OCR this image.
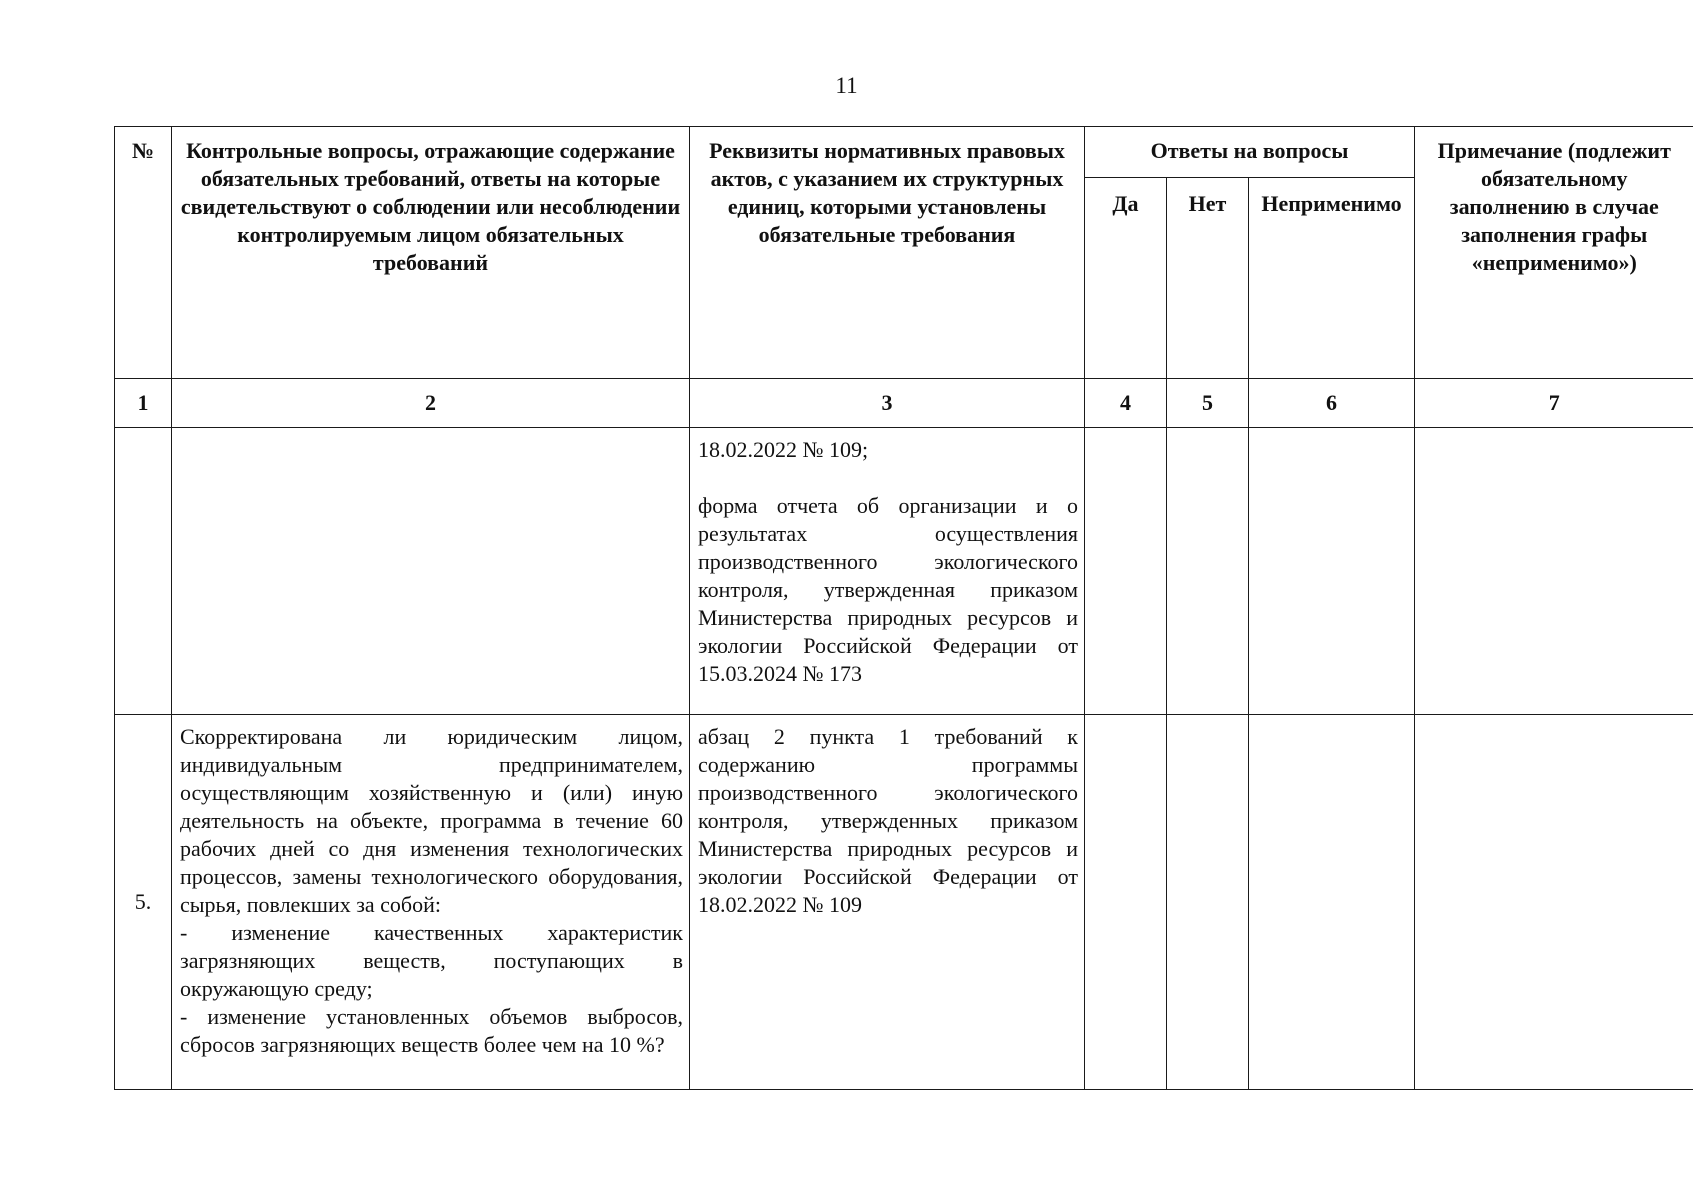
11
№	Контрольные вопросы, отражающие содержание обязательных требований, ответы на которые свидетельствуют о соблюдении или несоблюдении контролируемым лицом обязательных требований	Реквизиты нормативных правовых актов, с указанием их структурных единиц, которыми установлены обязательные требования	Ответы на вопросы			Примечание (подлежит обязательному заполнению в случае заполнения графы «неприменимо»)
			Да	Нет	Неприменимо	
1	2	3	4	5	6	7

		18.02.2022 № 109;
форма отчета об организации и о результатах осуществления производственного экологического контроля, утвержденная приказом Министерства природных ресурсов и экологии Российской Федерации от 15.03.2024 № 173				

5.	Скорректирована ли юридическим лицом, индивидуальным предпринимателем, осуществляющим хозяйственную и (или) иную деятельность на объекте, программа в течение 60 рабочих дней со дня изменения технологических процессов, замены технологического оборудования, сырья, повлекших за собой:
- изменение качественных характеристик загрязняющих веществ, поступающих в окружающую среду;
- изменение установленных объемов выбросов, сбросов загрязняющих веществ более чем на 10 %?	абзац 2 пункта 1 требований к содержанию программы производственного экологического контроля, утвержденных приказом Министерства природных ресурсов и экологии Российской Федерации от 18.02.2022 № 109				
